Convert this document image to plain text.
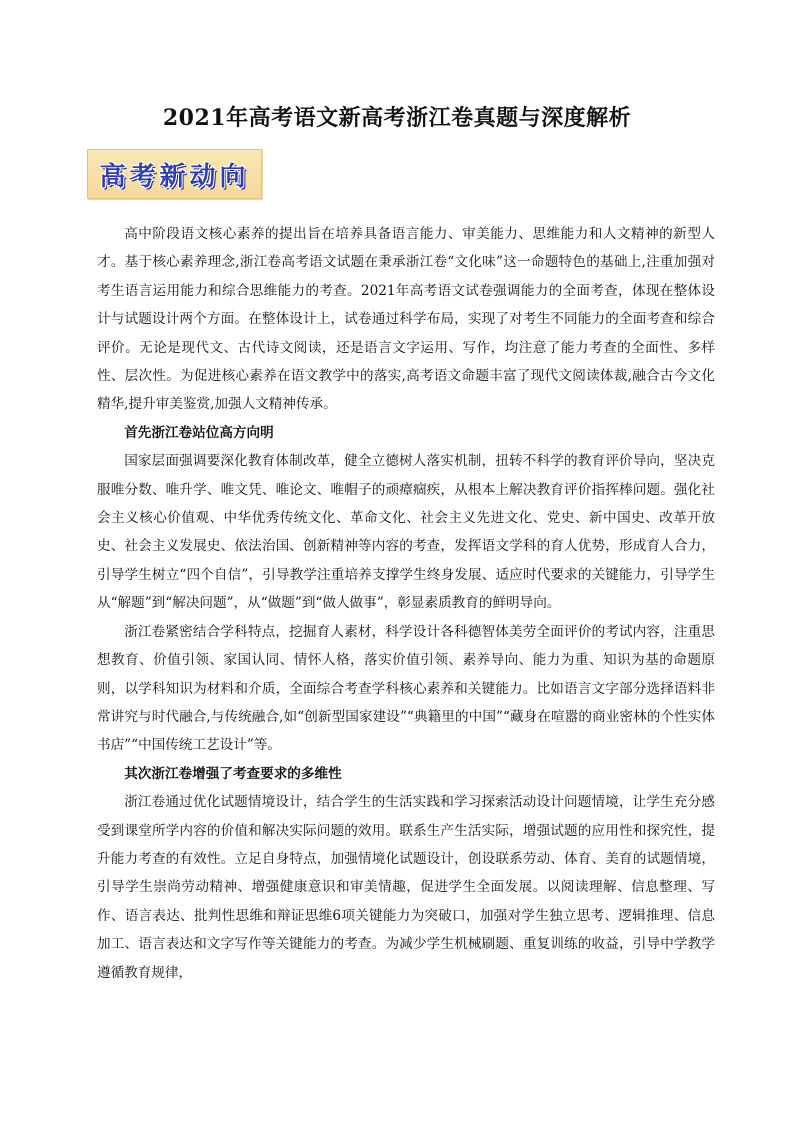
2021年高考语文新高考浙江卷真题与深度解析
高考新动向

高中阶段语文核心素养的提出旨在培养具备语言能力、审美能力、思维能力和人文精神的新型人才。基于核心素养理念,浙江卷高考语文试题在秉承浙江卷“文化味”这一命题特色的基础上,注重加强对考生语言运用能力和综合思维能力的考查。2021年高考语文试卷强调能力的全面考查，体现在整体设计与试题设计两个方面。在整体设计上，试卷通过科学布局，实现了对考生不同能力的全面考查和综合评价。无论是现代文、古代诗文阅读，还是语言文字运用、写作，均注意了能力考查的全面性、多样性、层次性。为促进核心素养在语文教学中的落实,高考语文命题丰富了现代文阅读体裁,融合古今文化精华,提升审美鉴赏,加强人文精神传承。

首先浙江卷站位高方向明

国家层面强调要深化教育体制改革，健全立德树人落实机制，扭转不科学的教育评价导向，坚决克服唯分数、唯升学、唯文凭、唯论文、唯帽子的顽瘴痼疾，从根本上解决教育评价指挥棒问题。强化社会主义核心价值观、中华优秀传统文化、革命文化、社会主义先进文化、党史、新中国史、改革开放史、社会主义发展史、依法治国、创新精神等内容的考查，发挥语文学科的育人优势，形成育人合力，引导学生树立“四个自信”，引导教学注重培养支撑学生终身发展、适应时代要求的关键能力，引导学生从“解题”到“解决问题”，从“做题”到“做人做事”，彰显素质教育的鲜明导向。

浙江卷紧密结合学科特点，挖掘育人素材，科学设计各科德智体美劳全面评价的考试内容，注重思想教育、价值引领、家国认同、情怀人格，落实价值引领、素养导向、能力为重、知识为基的命题原则，以学科知识为材料和介质，全面综合考查学科核心素养和关键能力。比如语言文字部分选择语料非常讲究与时代融合,与传统融合,如“创新型国家建设”“典籍里的中国”“藏身在喧嚣的商业密林的个性实体书店”“中国传统工艺设计”等。

其次浙江卷增强了考查要求的多维性

浙江卷通过优化试题情境设计，结合学生的生活实践和学习探索活动设计问题情境，让学生充分感受到课堂所学内容的价值和解决实际问题的效用。联系生产生活实际，增强试题的应用性和探究性，提升能力考查的有效性。立足自身特点，加强情境化试题设计，创设联系劳动、体育、美育的试题情境，引导学生崇尚劳动精神、增强健康意识和审美情趣，促进学生全面发展。以阅读理解、信息整理、写作、语言表达、批判性思维和辩证思维6项关键能力为突破口，加强对学生独立思考、逻辑推理、信息加工、语言表达和文字写作等关键能力的考查。为减少学生机械刷题、重复训练的收益，引导中学教学遵循教育规律，
